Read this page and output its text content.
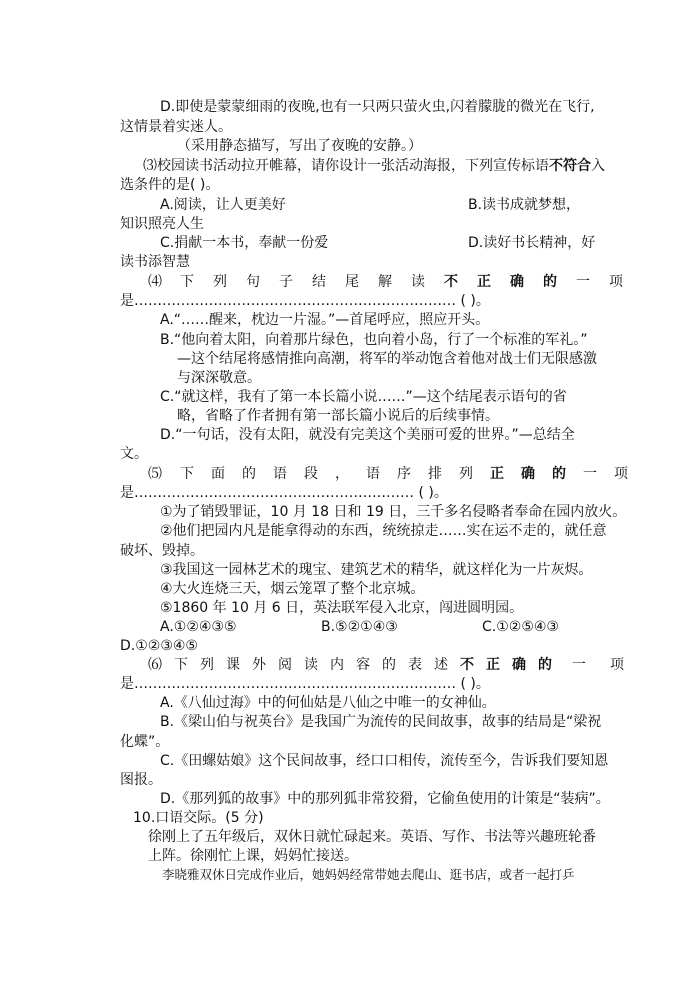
D.即使是蒙蒙细雨的夜晚,也有一只两只萤火虫,闪着朦胧的微光在飞行,
这情景着实迷人。
（采用静态描写，写出了夜晚的安静。）
⑶校园读书活动拉开帷幕，请你设计一张活动海报，下列宣传标语不符合入
选条件的是( )。
A.阅读，让人更美好	B.读书成就梦想，
知识照亮人生
C.捐献一本书，奉献一份爱	D.读好书长精神，好
读书添智慧
⑷ 下 列 句 子 结 尾 解 读 不 正 确 的 一 项
是…………………………………………………………… ( )。
A.“……醒来，枕边一片湿。”—首尾呼应，照应开头。
B.“他向着太阳，向着那片绿色，也向着小岛，行了一个标准的军礼。”
—这个结尾将感情推向高潮，将军的举动饱含着他对战士们无限感激
与深深敬意。
C.“就这样，我有了第一本长篇小说……”—这个结尾表示语句的省
略，省略了作者拥有第一部长篇小说后的后续事情。
D.“一句话，没有太阳，就没有完美这个美丽可爱的世界。”—总结全
文。
⑸ 下 面 的 语 段 ， 语 序 排 列 正 确 的 一 项
是…………………………………………………… ( )。
①为了销毁罪证，10 月 18 日和 19 日，三千多名侵略者奉命在园内放火。
②他们把园内凡是能拿得动的东西，统统掠走……实在运不走的，就任意
破坏、毁掉。
③我国这一园林艺术的瑰宝、建筑艺术的精华，就这样化为一片灰烬。
④大火连烧三天，烟云笼罩了整个北京城。
⑤1860 年 10 月 6 日，英法联军侵入北京，闯进圆明园。
A.①②④③⑤	B.⑤②①④③	C.①②⑤④③
D.①②③④⑤
⑹ 下 列 课 外 阅 读 内 容 的 表 述 不 正 确 的 一 项
是…………………………………………………………… ( )。
A.《八仙过海》中的何仙姑是八仙之中唯一的女神仙。
B.《梁山伯与祝英台》是我国广为流传的民间故事，故事的结局是“梁祝
化蝶”。
C.《田螺姑娘》这个民间故事，经口口相传，流传至今，告诉我们要知恩
图报。
D.《那列狐的故事》中的那列狐非常狡猾，它偷鱼使用的计策是“装病”。
10.口语交际。(5 分)
徐刚上了五年级后，双休日就忙碌起来。英语、写作、书法等兴趣班轮番
上阵。徐刚忙上课，妈妈忙接送。
李晓雅双休日完成作业后，她妈妈经常带她去爬山、逛书店，或者一起打乒
